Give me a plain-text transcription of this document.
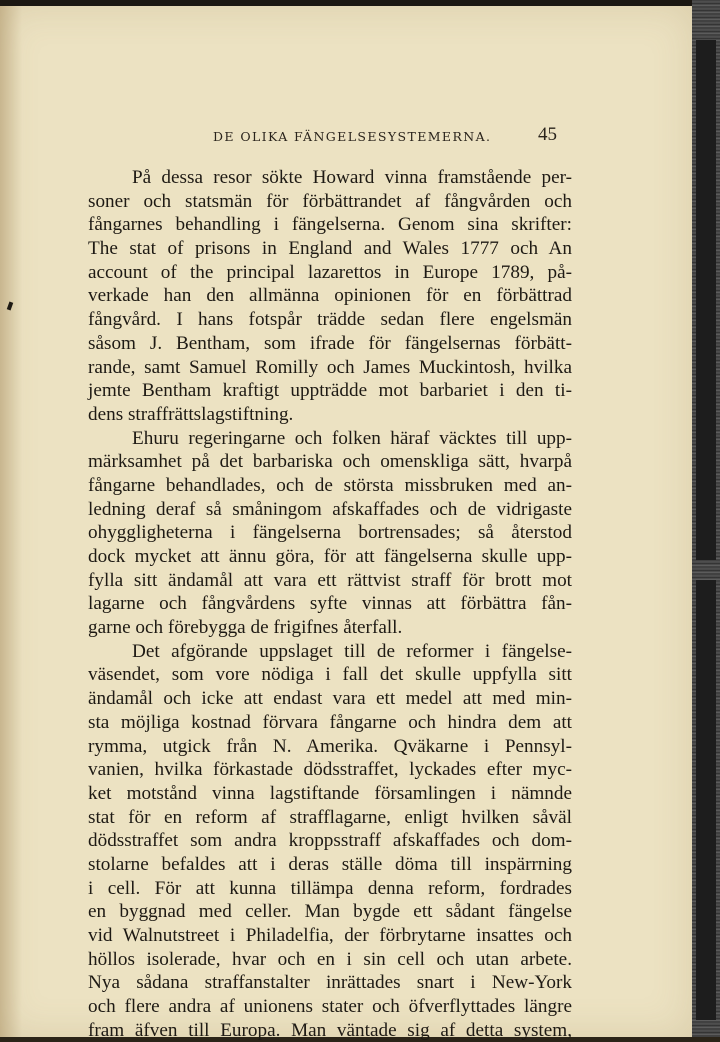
DE OLIKA FÄNGELSESYSTEMERNA. 45
På dessa resor sökte Howard vinna framstående per-
soner och statsmän för förbättrandet af fångvården och
fångarnes behandling i fängelserna. Genom sina skrifter:
The stat of prisons in England and Wales 1777 och An
account of the principal lazarettos in Europe 1789, på-
verkade han den allmänna opinionen för en förbättrad
fångvård. I hans fotspår trädde sedan flere engelsmän
såsom J. Bentham, som ifrade för fängelsernas förbätt-
rande, samt Samuel Romilly och James Muckintosh, hvilka
jemte Bentham kraftigt uppträdde mot barbariet i den ti-
dens straffrättslagstiftning.
Ehuru regeringarne och folken häraf väcktes till upp-
märksamhet på det barbariska och omenskliga sätt, hvarpå
fångarne behandlades, och de största missbruken med an-
ledning deraf så småningom afskaffades och de vidrigaste
ohyggligheterna i fängelserna bortrensades; så återstod
dock mycket att ännu göra, för att fängelserna skulle upp-
fylla sitt ändamål att vara ett rättvist straff för brott mot
lagarne och fångvårdens syfte vinnas att förbättra fån-
garne och förebygga de frigifnes återfall.
Det afgörande uppslaget till de reformer i fängelse-
väsendet, som vore nödiga i fall det skulle uppfylla sitt
ändamål och icke att endast vara ett medel att med min-
sta möjliga kostnad förvara fångarne och hindra dem att
rymma, utgick från N. Amerika. Qväkarne i Pennsyl-
vanien, hvilka förkastade dödsstraffet, lyckades efter myc-
ket motstånd vinna lagstiftande församlingen i nämnde
stat för en reform af strafflagarne, enligt hvilken såväl
dödsstraffet som andra kroppsstraff afskaffades och dom-
stolarne befaldes att i deras ställe döma till inspärrning
i cell. För att kunna tillämpa denna reform, fordrades
en byggnad med celler. Man bygde ett sådant fängelse
vid Walnutstreet i Philadelfia, der förbrytarne insattes och
höllos isolerade, hvar och en i sin cell och utan arbete.
Nya sådana straffanstalter inrättades snart i New-York
och flere andra af unionens stater och öfverflyttades längre
fram äfven till Europa. Man väntade sig af detta system,
